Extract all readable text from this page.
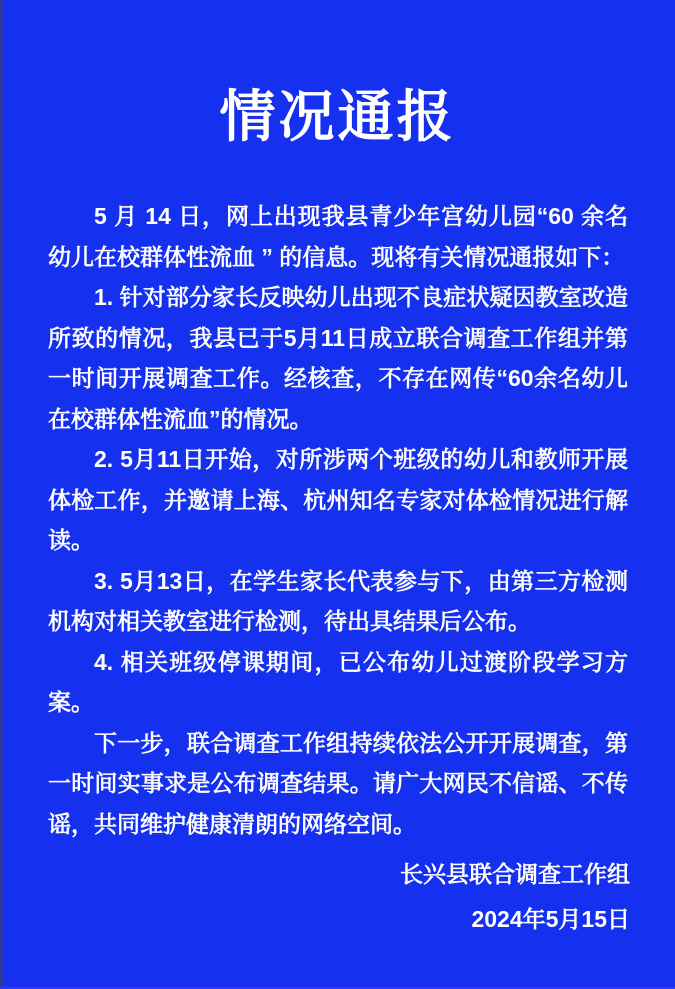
情况通报

5 月 14 日，网上出现我县青少年宫幼儿园“60 余名幼儿在校群体性流血 ” 的信息。现将有关情况通报如下：

1. 针对部分家长反映幼儿出现不良症状疑因教室改造所致的情况，我县已于5月11日成立联合调查工作组并第一时间开展调查工作。经核查，不存在网传“60余名幼儿在校群体性流血”的情况。

2. 5月11日开始，对所涉两个班级的幼儿和教师开展体检工作，并邀请上海、杭州知名专家对体检情况进行解读。

3. 5月13日，在学生家长代表参与下，由第三方检测机构对相关教室进行检测，待出具结果后公布。

4. 相关班级停课期间，已公布幼儿过渡阶段学习方案。

下一步，联合调查工作组持续依法公开开展调查，第一时间实事求是公布调查结果。请广大网民不信谣、不传谣，共同维护健康清朗的网络空间。

长兴县联合调查工作组
2024年5月15日
